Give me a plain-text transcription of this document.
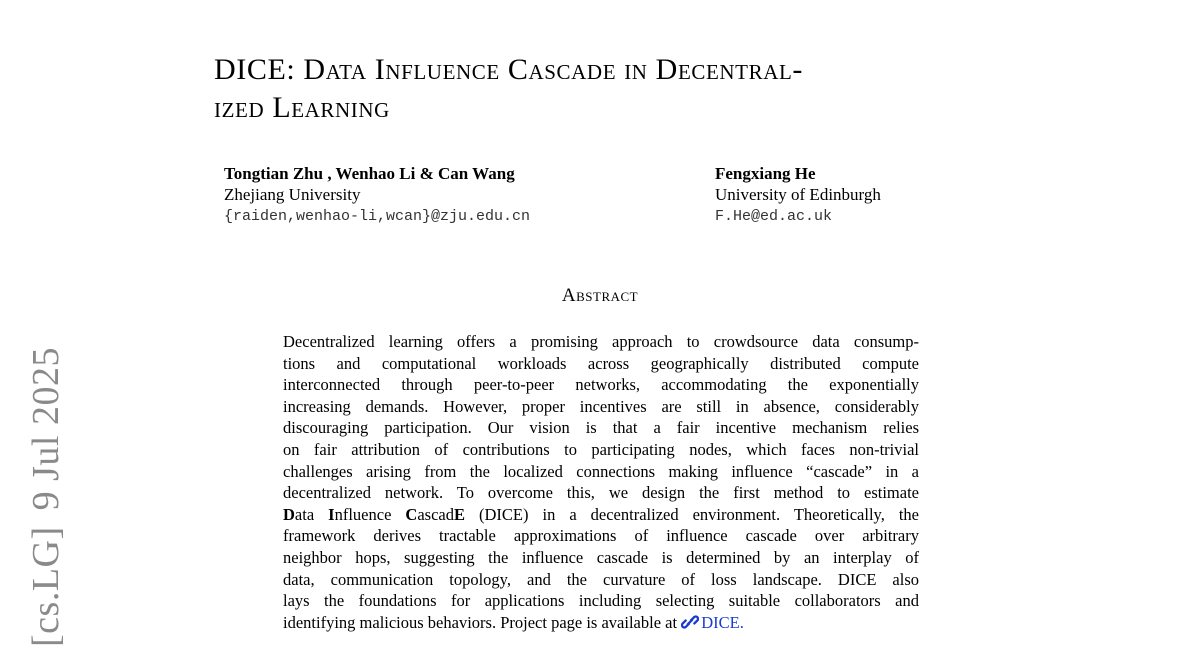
[cs.LG]9 Jul 2025
DICE: Data Influence Cascade in Decentral-
ized Learning
Tongtian Zhu , Wenhao Li & Can Wang
Zhejiang University
{raiden,wenhao-li,wcan}@zju.edu.cn
Fengxiang He
University of Edinburgh
F.He@ed.ac.uk
Abstract
Decentralized learning offers a promising approach to crowdsource data consump-
tions and computational workloads across geographically distributed compute
interconnected through peer-to-peer networks, accommodating the exponentially
increasing demands. However, proper incentives are still in absence, considerably
discouraging participation. Our vision is that a fair incentive mechanism relies
on fair attribution of contributions to participating nodes, which faces non-trivial
challenges arising from the localized connections making influence “cascade” in a
decentralized network. To overcome this, we design the first method to estimate
Data Influence CascadE (DICE) in a decentralized environment. Theoretically, the
framework derives tractable approximations of influence cascade over arbitrary
neighbor hops, suggesting the influence cascade is determined by an interplay of
data, communication topology, and the curvature of loss landscape. DICE also
lays the foundations for applications including selecting suitable collaborators and
identifying malicious behaviors. Project page is available at DICE.
